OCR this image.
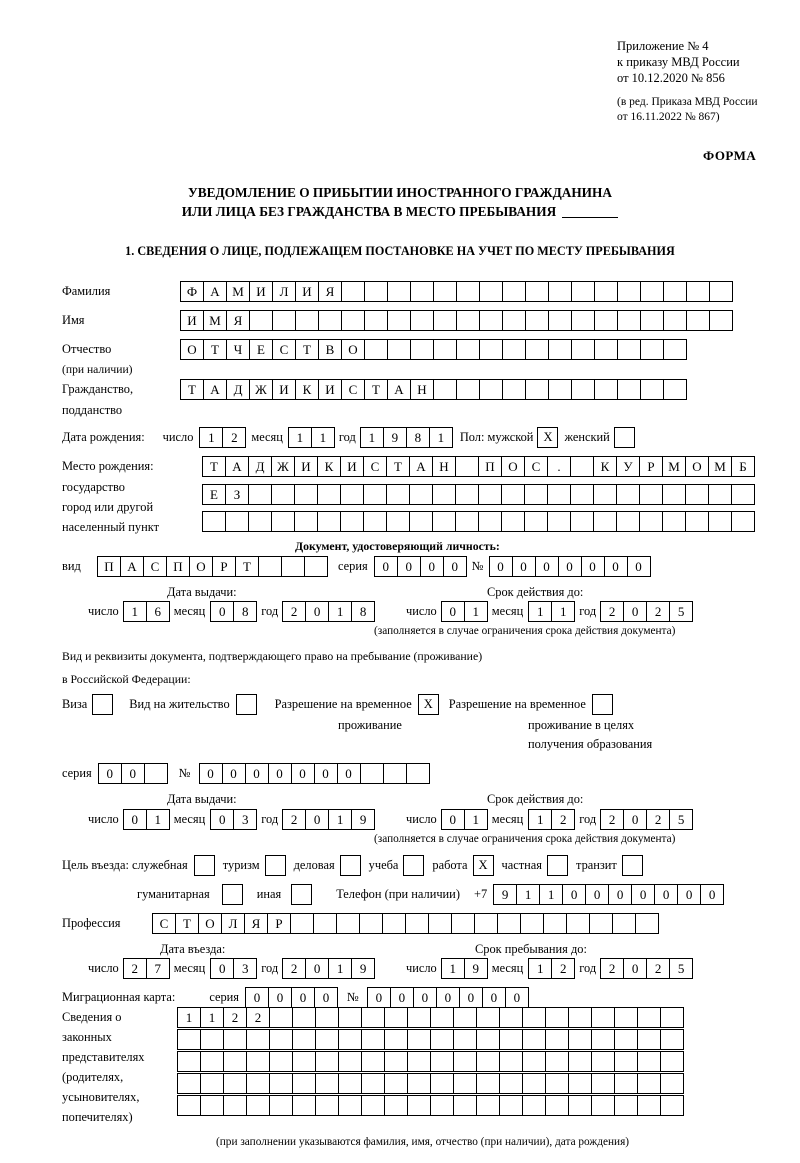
Приложение № 4
к приказу МВД России
от 10.12.2020 № 856
(в ред. Приказа МВД России
от 16.11.2022 № 867)
ФОРМА
УВЕДОМЛЕНИЕ О ПРИБЫТИИ ИНОСТРАННОГО ГРАЖДАНИНА
ИЛИ ЛИЦА БЕЗ ГРАЖДАНСТВА В МЕСТО ПРЕБЫВАНИЯ
1. СВЕДЕНИЯ О ЛИЦЕ, ПОДЛЕЖАЩЕМ ПОСТАНОВКЕ НА УЧЕТ ПО МЕСТУ ПРЕБЫВАНИЯ
Фамилия	Ф	А М И	Л	И	Я
Имя	И М Я
Отчество	О	Т	Ч	Е	С	Т	В	О
(при наличии)
Гражданство,	Т	А	Д Ж И	К	И	С	Т	А	Н
подданство
Дата рождения: число	1	2	месяц	1	1	год 1	9	8	1	Пол: мужской X женский
Место рождения:	Т	А	Д Ж И	К	И	С	Т	А	Н	П	О	С	.	К	У	Р	М О М	Б
государство	Е	З
город или другой
населенный пункт
Документ, удостоверяющий личность:
вид	П	А	С	П	О	Р	Т	серия	0	0	0	0	№	0	0	0	0	0	0	0
Дата выдачи:	Срок действия до:
число 1	6	месяц	0	8	год 2	0	1	8	число 0	1	месяц	1	1	год 2	0	2	5
(заполняется в случае ограничения срока действия документа)
Вид и реквизиты документа, подтверждающего право на пребывание (проживание)
в Российской Федерации:
Виза	Вид на жительство	Разрешение на временное X	Разрешение на временное
проживание	проживание в целях
получения образования
серия	0	0	№	0	0	0	0	0	0	0
Дата выдачи:	Срок действия до:
число 0	1	месяц	0	3	год 2	0	1	9	число 0	1	месяц	1	2	год 2	0	2	5
(заполняется в случае ограничения срока действия документа)
Цель въезда: служебная	туризм	деловая	учеба	работа X	частная	транзит
гуманитарная	иная	Телефон (при наличии) +7	9	1	1	0	0	0	0	0	0	0
Профессия	С	Т	О	Л	Я	Р
Дата въезда:	Срок пребывания до:
число 2	7	месяц	0	3	год 2	0	1	9	число 1	9	месяц	1	2	год 2	0	2	5
Миграционная карта:	серия	0	0	0	0	№	0	0	0	0	0	0	0
Сведения о
законных
представителях
(родителях,
усыновителях,
попечителях)
1	1	2	2
(при заполнении указываются фамилия, имя, отчество (при наличии), дата рождения)
